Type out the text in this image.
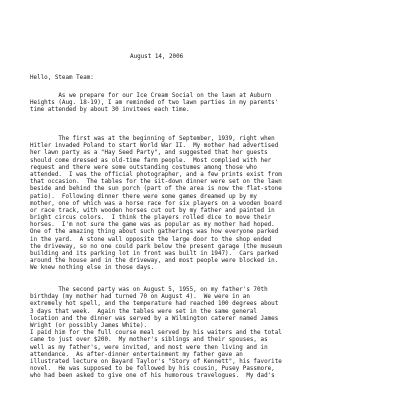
August 14, 2006

Hello, Steam Team:

As we prepare for our Ice Cream Social on the lawn at Auburn
Heights (Aug. 18-19), I am reminded of two lawn parties in my parents'
time attended by about 30 invitees each time.

The first was at the beginning of September, 1939, right when
Hitler invaded Poland to start World War II.  My mother had advertised
her lawn party as a "Hay Seed Party", and suggested that her guests
should come dressed as old-time farm people.  Most complied with her
request and there were some outstanding costumes among those who
attended.  I was the official photographer, and a few prints exist from
that occasion.  The tables for the sit-down dinner were set on the lawn
beside and behind the sun porch (part of the area is now the flat-stone
patio).  Following dinner there were some games dreamed up by my
mother, one of which was a horse race for six players on a wooden board
or race track, with wooden horses cut out by my father and painted in
bright circus colors.  I think the players rolled dice to move their
horses.  I'm not sure the game was as popular as my mother had hoped.
One of the amazing thing about such gatherings was how everyone parked
in the yard.  A stone wall opposite the large door to the shop ended
the driveway, so no one could park below the present garage (the museum
building and its parking lot in front was built in 1947).  Cars parked
around the house and in the driveway, and most people were blocked in.
We knew nothing else in those days.

The second party was on August 5, 1955, on my father's 70th
birthday (my mother had turned 70 on August 4).  We were in an
extremely hot spell, and the temperature had reached 100 degrees about
3 days that week.  Again the tables were set in the same general
location and the dinner was served by a Wilmington caterer named James
Wright (or possibly James White).
I paid him for the full course meal served by his waiters and the total
came to just over $200.  My mother's siblings and their spouses, as
well as my father's, were invited, and most were then living and in
attendance.  As after-dinner entertainment my father gave an
illustrated lecture on Bayard Taylor's "Story of Kennett", his favorite
novel.  He was supposed to be followed by his cousin, Pusey Passmore,
who had been asked to give one of his humorous travelogues.  My dad's
